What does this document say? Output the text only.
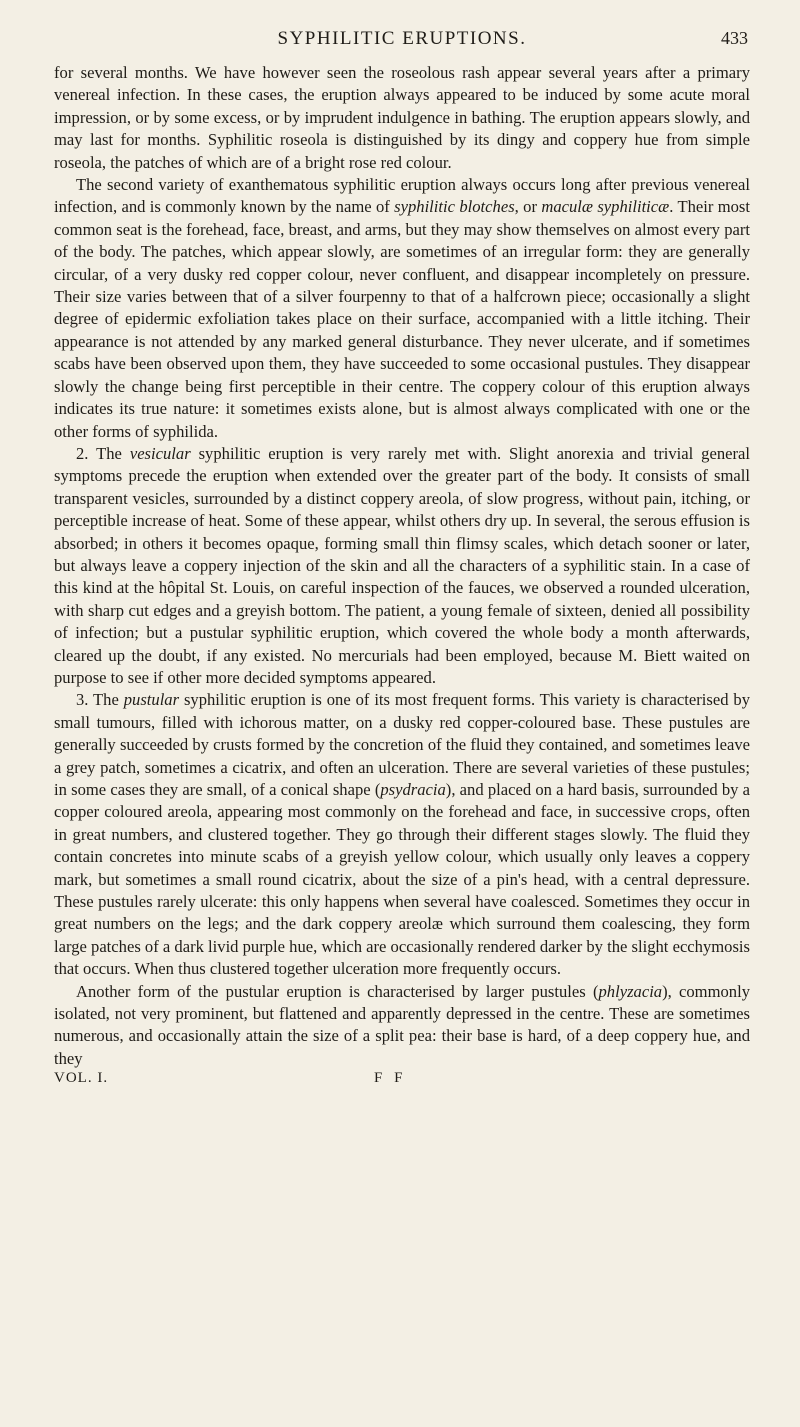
SYPHILITIC ERUPTIONS.	433

for several months. We have however seen the roseolous rash appear several years after a primary venereal infection. In these cases, the eruption always appeared to be induced by some acute moral impression, or by some excess, or by imprudent indulgence in bathing. The eruption appears slowly, and may last for months. Syphilitic roseola is distinguished by its dingy and coppery hue from simple roseola, the patches of which are of a bright rose red colour.

The second variety of exanthematous syphilitic eruption always occurs long after previous venereal infection, and is commonly known by the name of syphilitic blotches, or maculæ syphiliticæ. Their most common seat is the forehead, face, breast, and arms, but they may show themselves on almost every part of the body. The patches, which appear slowly, are sometimes of an irregular form: they are generally circular, of a very dusky red copper colour, never confluent, and disappear incompletely on pressure. Their size varies between that of a silver fourpenny to that of a halfcrown piece; occasionally a slight degree of epidermic exfoliation takes place on their surface, accompanied with a little itching. Their appearance is not attended by any marked general disturbance. They never ulcerate, and if sometimes scabs have been observed upon them, they have succeeded to some occasional pustules. They disappear slowly the change being first perceptible in their centre. The coppery colour of this eruption always indicates its true nature: it sometimes exists alone, but is almost always complicated with one or the other forms of syphilida.

2. The vesicular syphilitic eruption is very rarely met with. Slight anorexia and trivial general symptoms precede the eruption when extended over the greater part of the body. It consists of small transparent vesicles, surrounded by a distinct coppery areola, of slow progress, without pain, itching, or perceptible increase of heat. Some of these appear, whilst others dry up. In several, the serous effusion is absorbed; in others it becomes opaque, forming small thin flimsy scales, which detach sooner or later, but always leave a coppery injection of the skin and all the characters of a syphilitic stain. In a case of this kind at the hôpital St. Louis, on careful inspection of the fauces, we observed a rounded ulceration, with sharp cut edges and a greyish bottom. The patient, a young female of sixteen, denied all possibility of infection; but a pustular syphilitic eruption, which covered the whole body a month afterwards, cleared up the doubt, if any existed. No mercurials had been employed, because M. Biett waited on purpose to see if other more decided symptoms appeared.

3. The pustular syphilitic eruption is one of its most frequent forms. This variety is characterised by small tumours, filled with ichorous matter, on a dusky red copper-coloured base. These pustules are generally succeeded by crusts formed by the concretion of the fluid they contained, and sometimes leave a grey patch, sometimes a cicatrix, and often an ulceration. There are several varieties of these pustules; in some cases they are small, of a conical shape (psydracia), and placed on a hard basis, surrounded by a copper coloured areola, appearing most commonly on the forehead and face, in successive crops, often in great numbers, and clustered together. They go through their different stages slowly. The fluid they contain concretes into minute scabs of a greyish yellow colour, which usually only leaves a coppery mark, but sometimes a small round cicatrix, about the size of a pin's head, with a central depressure. These pustules rarely ulcerate: this only happens when several have coalesced. Sometimes they occur in great numbers on the legs; and the dark coppery areolæ which surround them coalescing, they form large patches of a dark livid purple hue, which are occasionally rendered darker by the slight ecchymosis that occurs. When thus clustered together ulceration more frequently occurs.

Another form of the pustular eruption is characterised by larger pustules (phlyzacia), commonly isolated, not very prominent, but flattened and apparently depressed in the centre. These are sometimes numerous, and occasionally attain the size of a split pea: their base is hard, of a deep coppery hue, and they

VOL. I.	F F
